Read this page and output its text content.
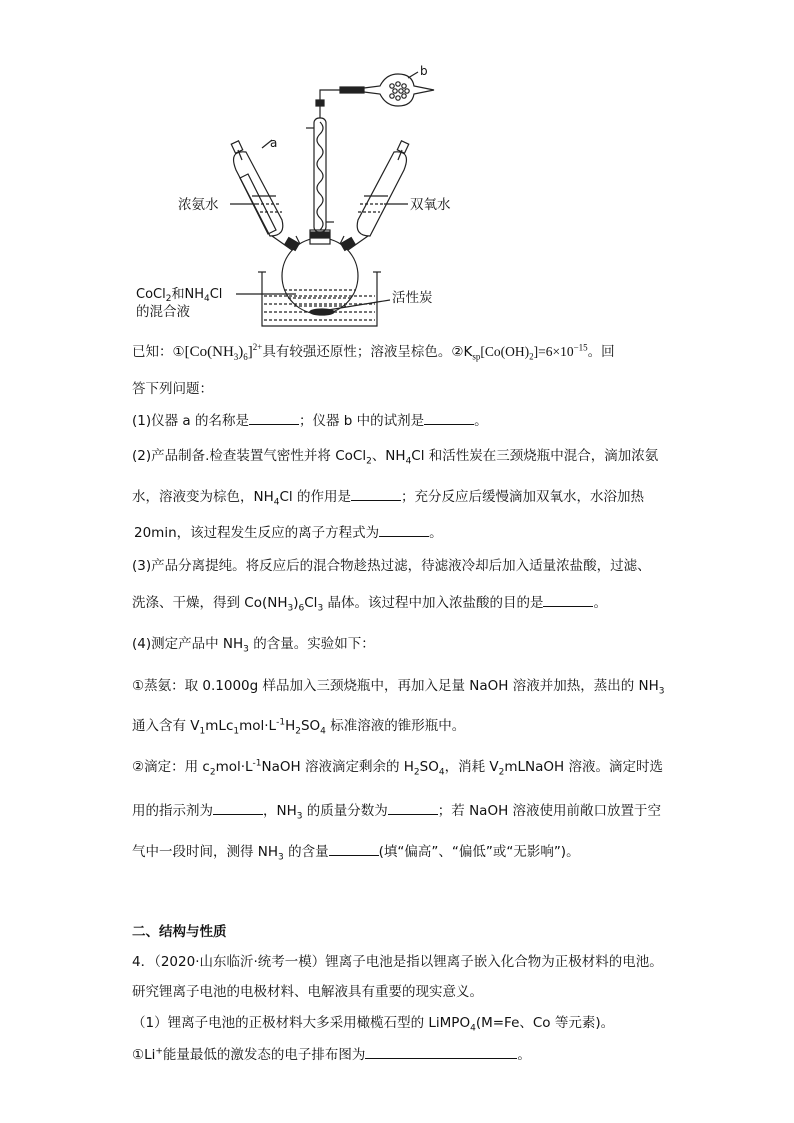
a
b
浓氨水	双氧水
CoCl$_2$和$NH_4Cl$
的混合液
活性炭
已知：$①[Co(NH_3)_6]^{2+}$具有较强还原性；溶液呈棕色。$②K_{sp}[Co(OH)_2]=6\times 10^{-15}$。回
答下列问题：
(1)仪器 a 的名称是	；仪器 b 中的试剂是	。
(2)产品制备.检查装置气密性并将 CoCl$_2$、$NH_4Cl$ 和活性炭在三颈烧瓶中混合，滴加浓氨
水，溶液变为棕色，$NH_4Cl$ 的作用是	；充分反应后缓慢滴加双氧水，水浴加热
20min，该过程发生反应的离子方程式为	。
(3)产品分离提纯。将反应后的混合物趁热过滤，待滤液冷却后加入适量浓盐酸，过滤、
洗涤、干燥，得到 $Co(NH_3)_6Cl_3$ 晶体。该过程中加入浓盐酸的目的是	。
(4)测定产品中 $NH_3$ 的含量。实验如下：
①蒸氨：取 0.1000g 样品加入三颈烧瓶中，再加入足量 NaOH 溶液并加热，蒸出的 $NH_3$
通入含有 $V_1mLc_1mol\cdot L^{-1}H_2SO_4$ 标准溶液的锥形瓶中。
②滴定：用 $c_2mol\cdot L^{-1}NaOH$ 溶液滴定剩余的 $H_2SO_4$，消耗 $V_2mLNaOH$ 溶液。滴定时选
用的指示剂为	，$NH_3$ 的质量分数为	；若 NaOH 溶液使用前敞口放置于空
气中一段时间，测得 $NH_3$ 的含量	(填“偏高”、“偏低”或“无影响”)。
二、结构与性质
4．（2020·山东临沂·统考一模）锂离子电池是指以锂离子嵌入化合物为正极材料的电池。
研究锂离子电池的电极材料、电解液具有重要的现实意义。
（1）锂离子电池的正极材料大多采用橄榄石型的 LiMPO$_4$(M=Fe、Co 等元素)。
①Li+能量最低的激发态的电子排布图为	。
